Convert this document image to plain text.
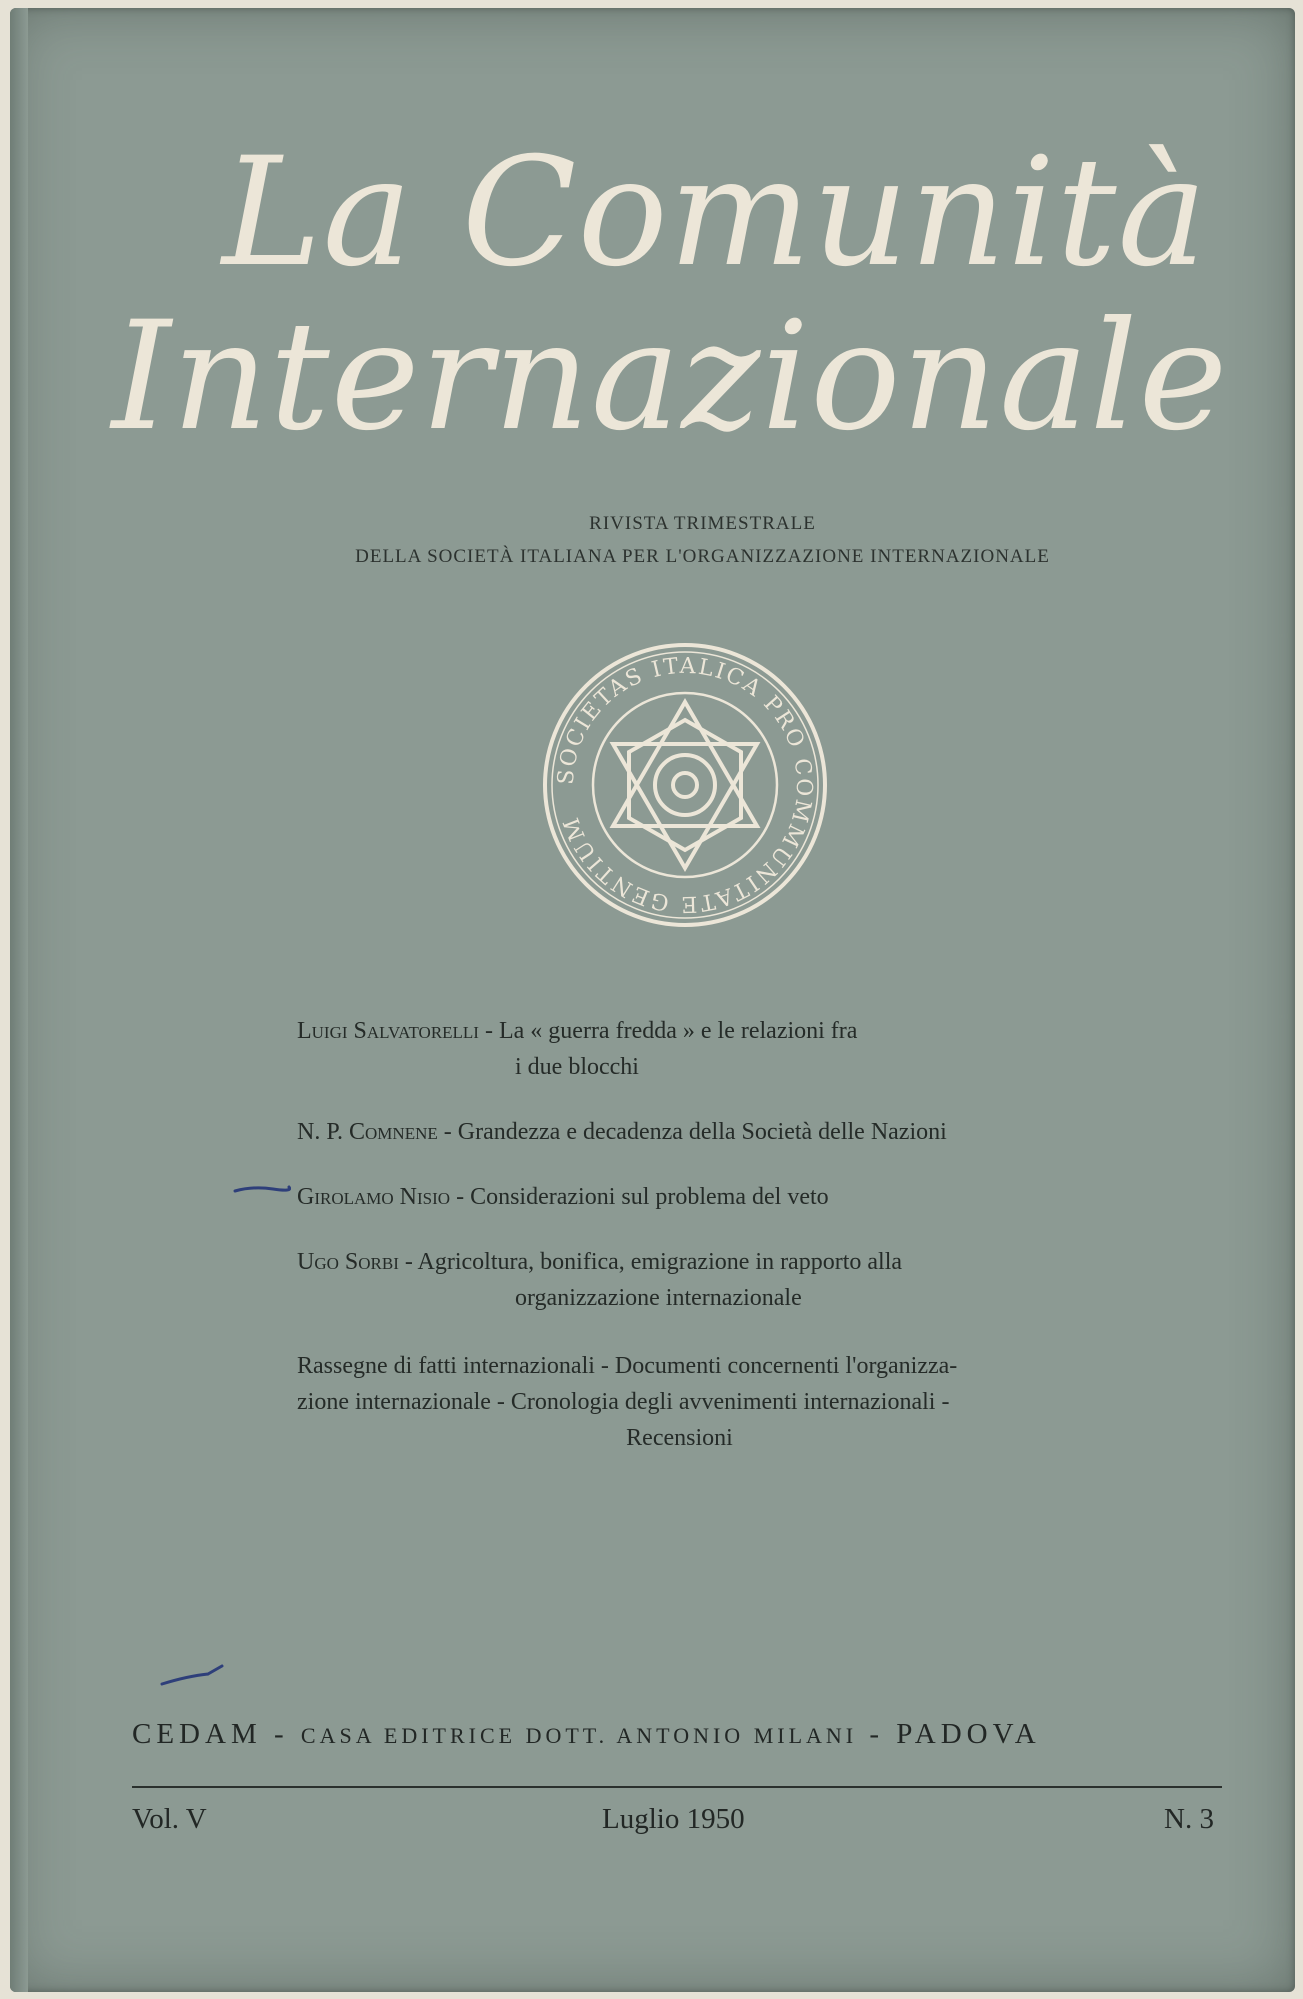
La Comunità
Internazionale
RIVISTA TRIMESTRALE
DELLA SOCIETÀ ITALIANA PER L'ORGANIZZAZIONE INTERNAZIONALE
SOCIETAS ITALICA PRO COMMUNITATE GENTIUM
Luigi Salvatorelli - La « guerra fredda » e le relazioni fra
i due blocchi
N. P. Comnene - Grandezza e decadenza della Società delle Nazioni
Girolamo Nisio - Considerazioni sul problema del veto
Ugo Sorbi - Agricoltura, bonifica, emigrazione in rapporto alla
organizzazione internazionale
Rassegne di fatti internazionali - Documenti concernenti l'organizza-
zione internazionale - Cronologia degli avvenimenti internazionali -
Recensioni
CEDAM - CASA EDITRICE DOTT. ANTONIO MILANI - PADOVA
Vol. V	Luglio 1950	N. 3
